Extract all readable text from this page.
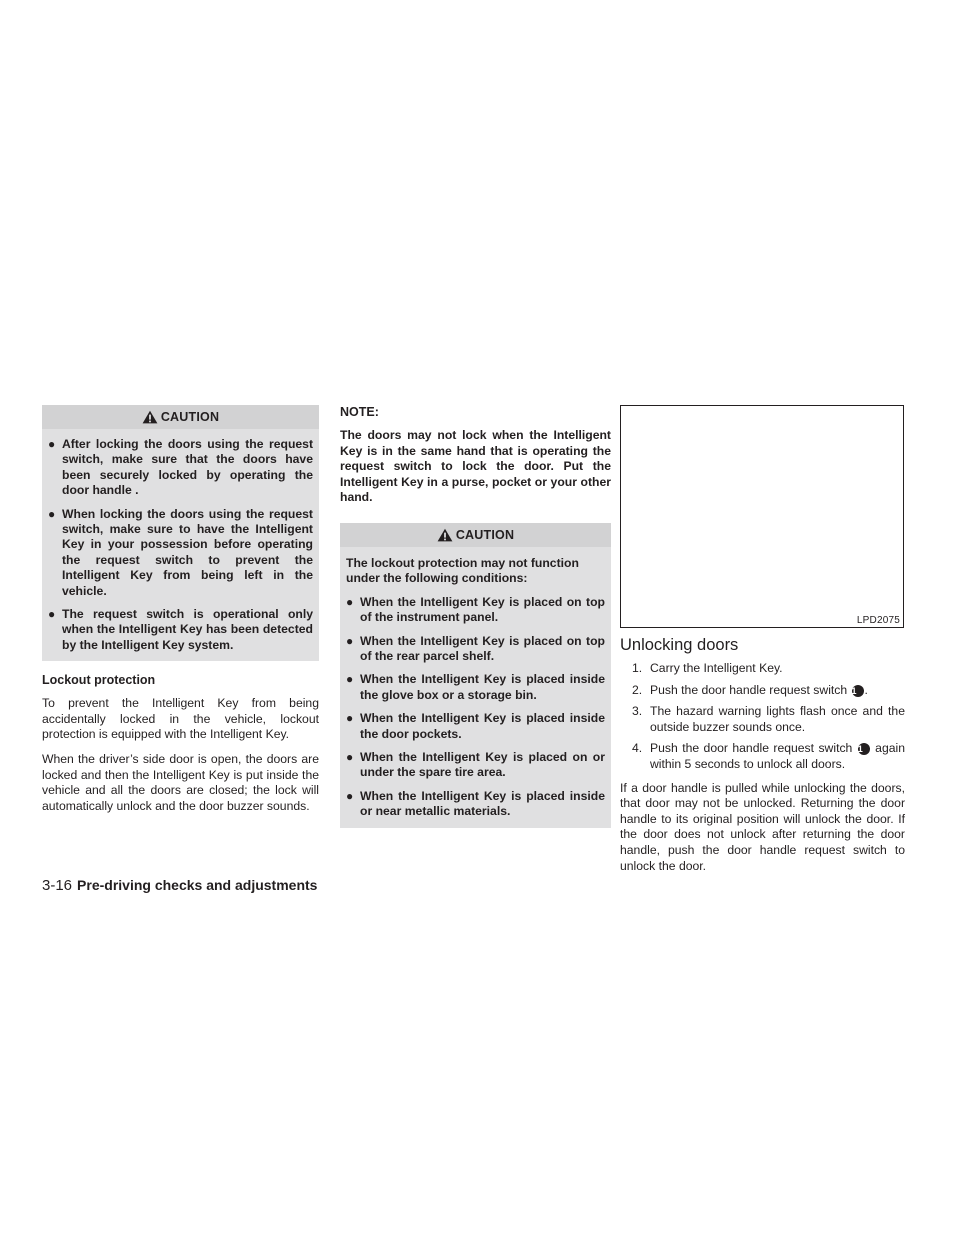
CAUTION
● After locking the doors using the request switch, make sure that the doors have been securely locked by operating the door handle .
● When locking the doors using the request switch, make sure to have the Intelligent Key in your possession before operating the request switch to prevent the Intelligent Key from being left in the vehicle.
● The request switch is operational only when the Intelligent Key has been detected by the Intelligent Key system.
Lockout protection
To prevent the Intelligent Key from being accidentally locked in the vehicle, lockout protection is equipped with the Intelligent Key.
When the driver’s side door is open, the doors are locked and then the Intelligent Key is put inside the vehicle and all the doors are closed; the lock will automatically unlock and the door buzzer sounds.
NOTE:
The doors may not lock when the Intelligent Key is in the same hand that is operating the request switch to lock the door. Put the Intelligent Key in a purse, pocket or your other hand.
CAUTION
The lockout protection may not function under the following conditions:
● When the Intelligent Key is placed on top of the instrument panel.
● When the Intelligent Key is placed on top of the rear parcel shelf.
● When the Intelligent Key is placed inside the glove box or a storage bin.
● When the Intelligent Key is placed inside the door pockets.
● When the Intelligent Key is placed on or under the spare tire area.
● When the Intelligent Key is placed inside or near metallic materials.
LPD2075
Unlocking doors
1. Carry the Intelligent Key.
2. Push the door handle request switch 1 .
3. The hazard warning lights flash once and the outside buzzer sounds once.
4. Push the door handle request switch 1 again within 5 seconds to unlock all doors.
If a door handle is pulled while unlocking the doors, that door may not be unlocked. Returning the door handle to its original position will unlock the door. If the door does not unlock after returning the door handle, push the door handle request switch to unlock the door.
3-16 Pre-driving checks and adjustments
